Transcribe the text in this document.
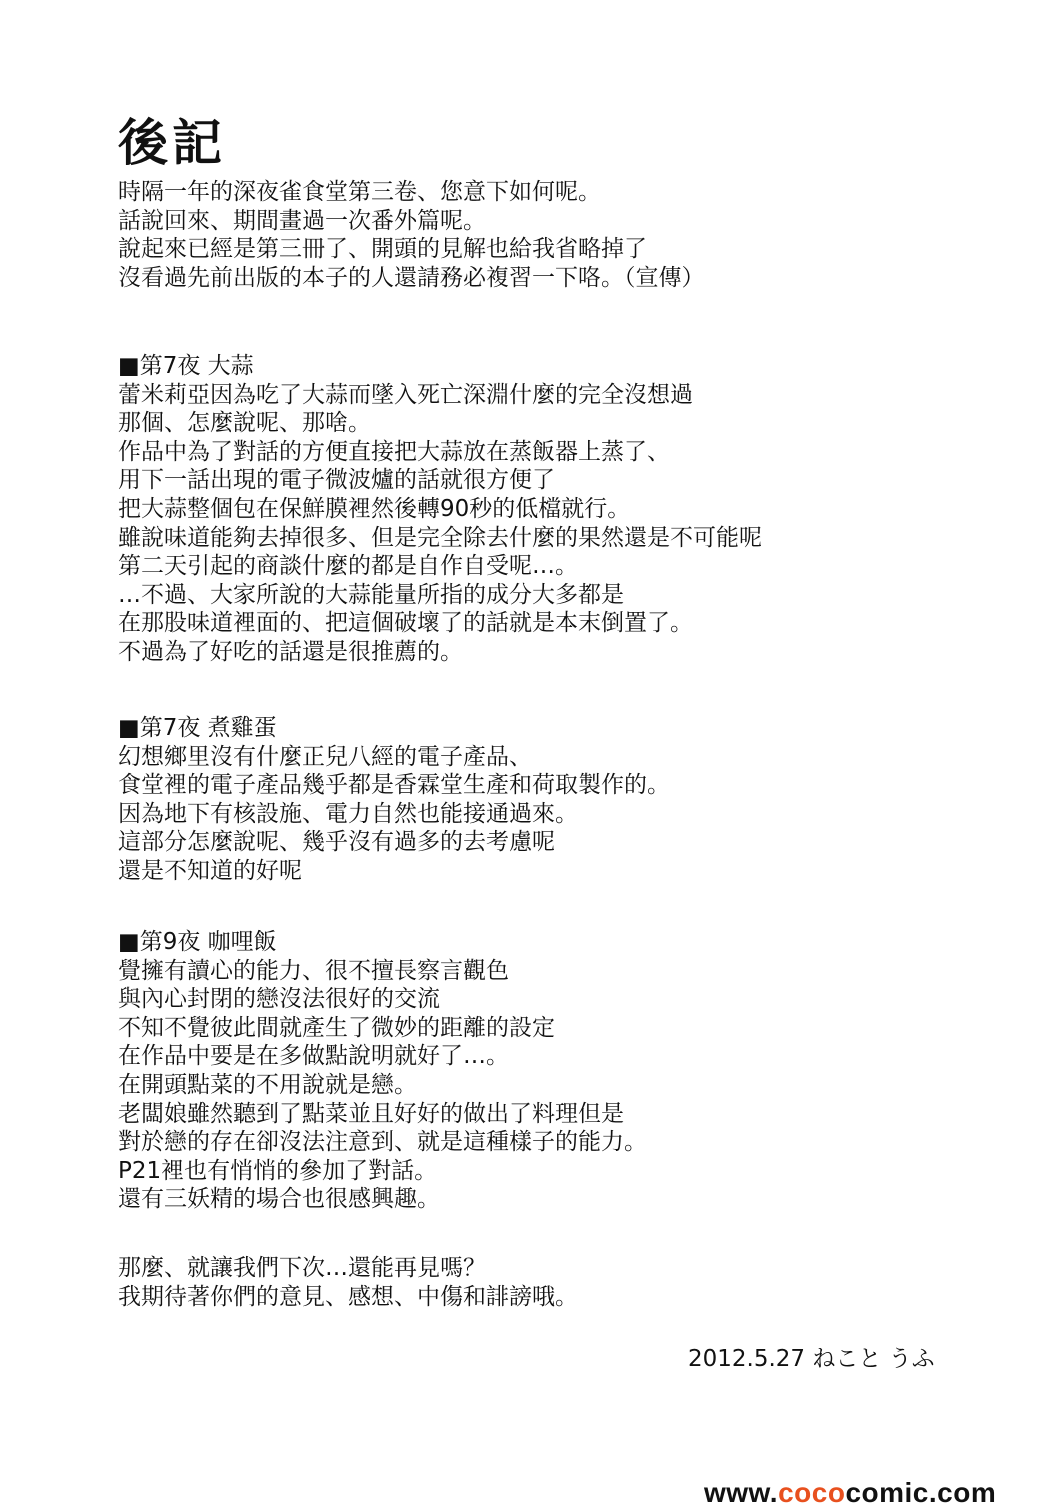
後記
時隔一年的深夜雀食堂第三卷、您意下如何呢。
話說回來、期間畫過一次番外篇呢。
說起來已經是第三冊了、開頭的見解也給我省略掉了
沒看過先前出版的本子的人還請務必複習一下咯。（宣傳）
■第7夜 大蒜
蕾米莉亞因為吃了大蒜而墜入死亡深淵什麼的完全沒想過
那個、怎麼說呢、那啥。
作品中為了對話的方便直接把大蒜放在蒸飯器上蒸了、
用下一話出現的電子微波爐的話就很方便了
把大蒜整個包在保鮮膜裡然後轉90秒的低檔就行。
雖說味道能夠去掉很多、但是完全除去什麼的果然還是不可能呢
第二天引起的商談什麼的都是自作自受呢…。
…不過、大家所說的大蒜能量所指的成分大多都是
在那股味道裡面的、把這個破壞了的話就是本末倒置了。
不過為了好吃的話還是很推薦的。
■第7夜 煮雞蛋
幻想鄉里沒有什麼正兒八經的電子產品、
食堂裡的電子產品幾乎都是香霖堂生產和荷取製作的。
因為地下有核設施、電力自然也能接通過來。
這部分怎麼說呢、幾乎沒有過多的去考慮呢
還是不知道的好呢
■第9夜 咖哩飯
覺擁有讀心的能力、很不擅長察言觀色
與內心封閉的戀沒法很好的交流
不知不覺彼此間就產生了微妙的距離的設定
在作品中要是在多做點說明就好了…。
在開頭點菜的不用說就是戀。
老闆娘雖然聽到了點菜並且好好的做出了料理但是
對於戀的存在卻沒法注意到、就是這種樣子的能力。
P21裡也有悄悄的參加了對話。
還有三妖精的場合也很感興趣。
那麼、就讓我們下次…還能再見嗎？
我期待著你們的意見、感想、中傷和誹謗哦。
2012.5.27 ねこと うふ
www.cococomic.com
